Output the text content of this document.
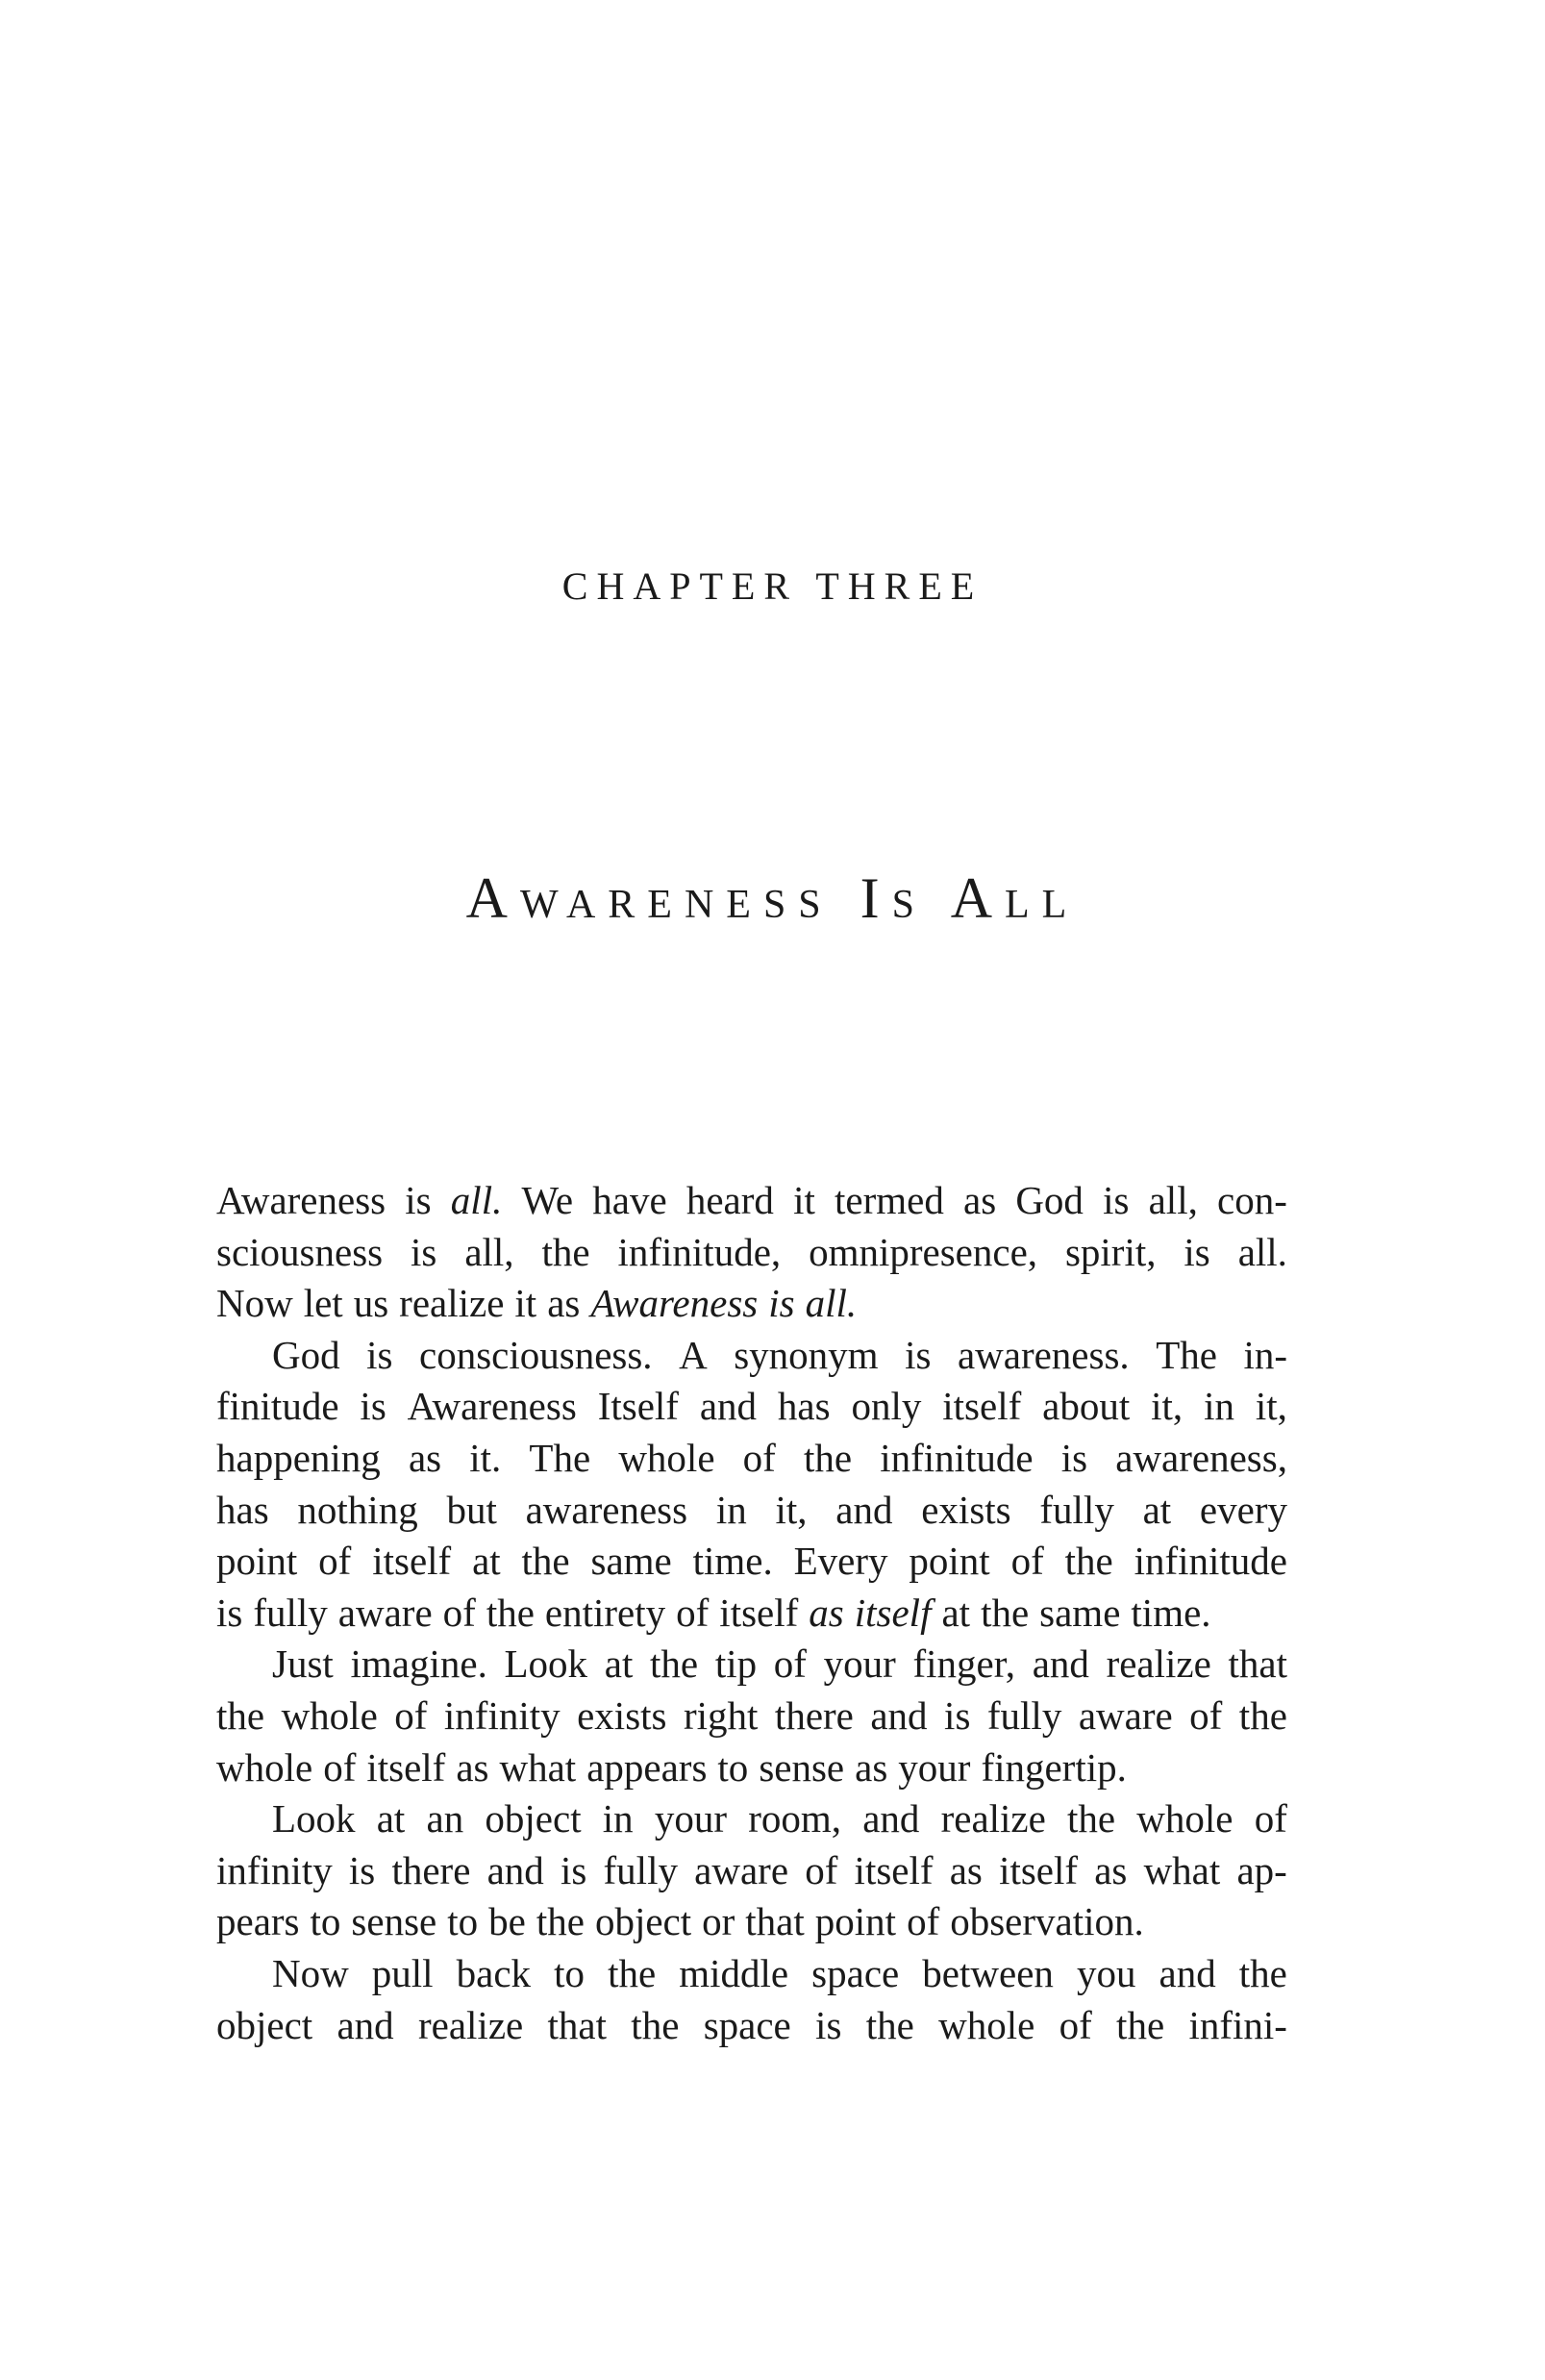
CHAPTER THREE
Awareness Is All
Awareness is all. We have heard it termed as God is all, con-
sciousness is all, the infinitude, omnipresence, spirit, is all.
Now let us realize it as Awareness is all.
God is consciousness. A synonym is awareness. The in-
finitude is Awareness Itself and has only itself about it, in it,
happening as it. The whole of the infinitude is awareness,
has nothing but awareness in it, and exists fully at every
point of itself at the same time. Every point of the infinitude
is fully aware of the entirety of itself as itself at the same time.
Just imagine. Look at the tip of your finger, and realize that
the whole of infinity exists right there and is fully aware of the
whole of itself as what appears to sense as your fingertip.
Look at an object in your room, and realize the whole of
infinity is there and is fully aware of itself as itself as what ap-
pears to sense to be the object or that point of observation.
Now pull back to the middle space between you and the
object and realize that the space is the whole of the infini-
